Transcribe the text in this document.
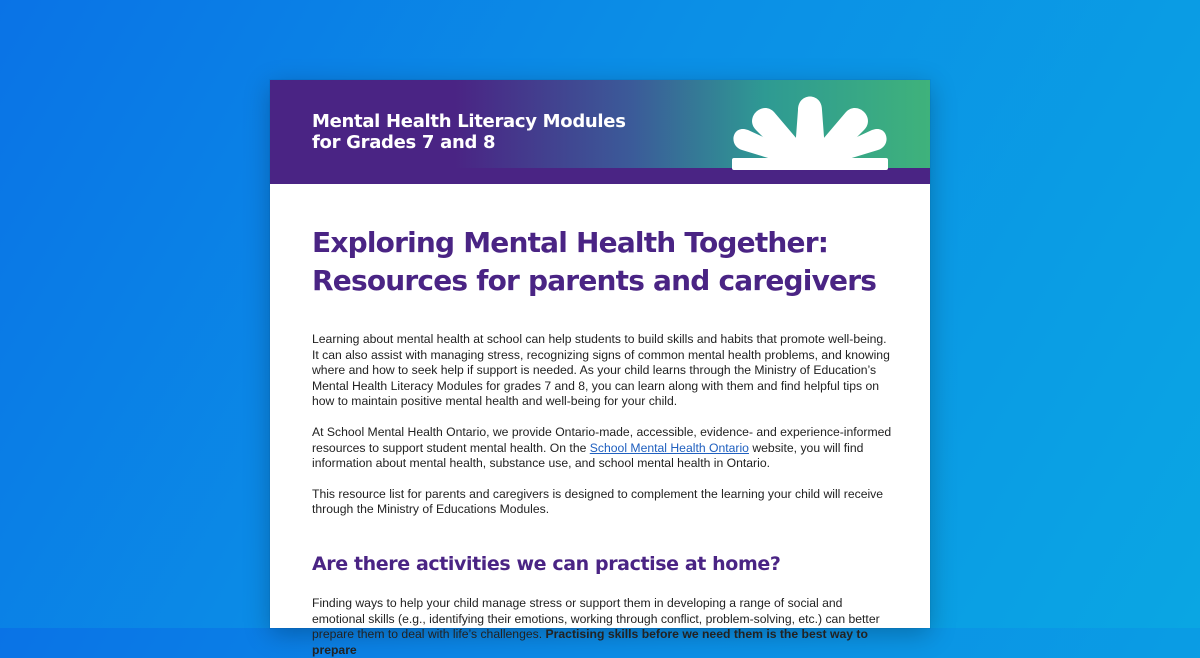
Mental Health Literacy Modules
for Grades 7 and 8
Exploring Mental Health Together:
Resources for parents and caregivers

Learning about mental health at school can help students to build skills and habits that promote well-being. It can also assist with managing stress, recognizing signs of common mental health problems, and knowing where and how to seek help if support is needed. As your child learns through the Ministry of Education’s Mental Health Literacy Modules for grades 7 and 8, you can learn along with them and find helpful tips on how to maintain positive mental health and well-being for your child.

At School Mental Health Ontario, we provide Ontario-made, accessible, evidence- and experience-informed resources to support student mental health. On the School Mental Health Ontario website, you will find information about mental health, substance use, and school mental health in Ontario.

This resource list for parents and caregivers is designed to complement the learning your child will receive through the Ministry of Educations Modules.

Are there activities we can practise at home?

Finding ways to help your child manage stress or support them in developing a range of social and emotional skills (e.g., identifying their emotions, working through conflict, problem-solving, etc.) can better prepare them to deal with life’s challenges. Practising skills before we need them is the best way to prepare
